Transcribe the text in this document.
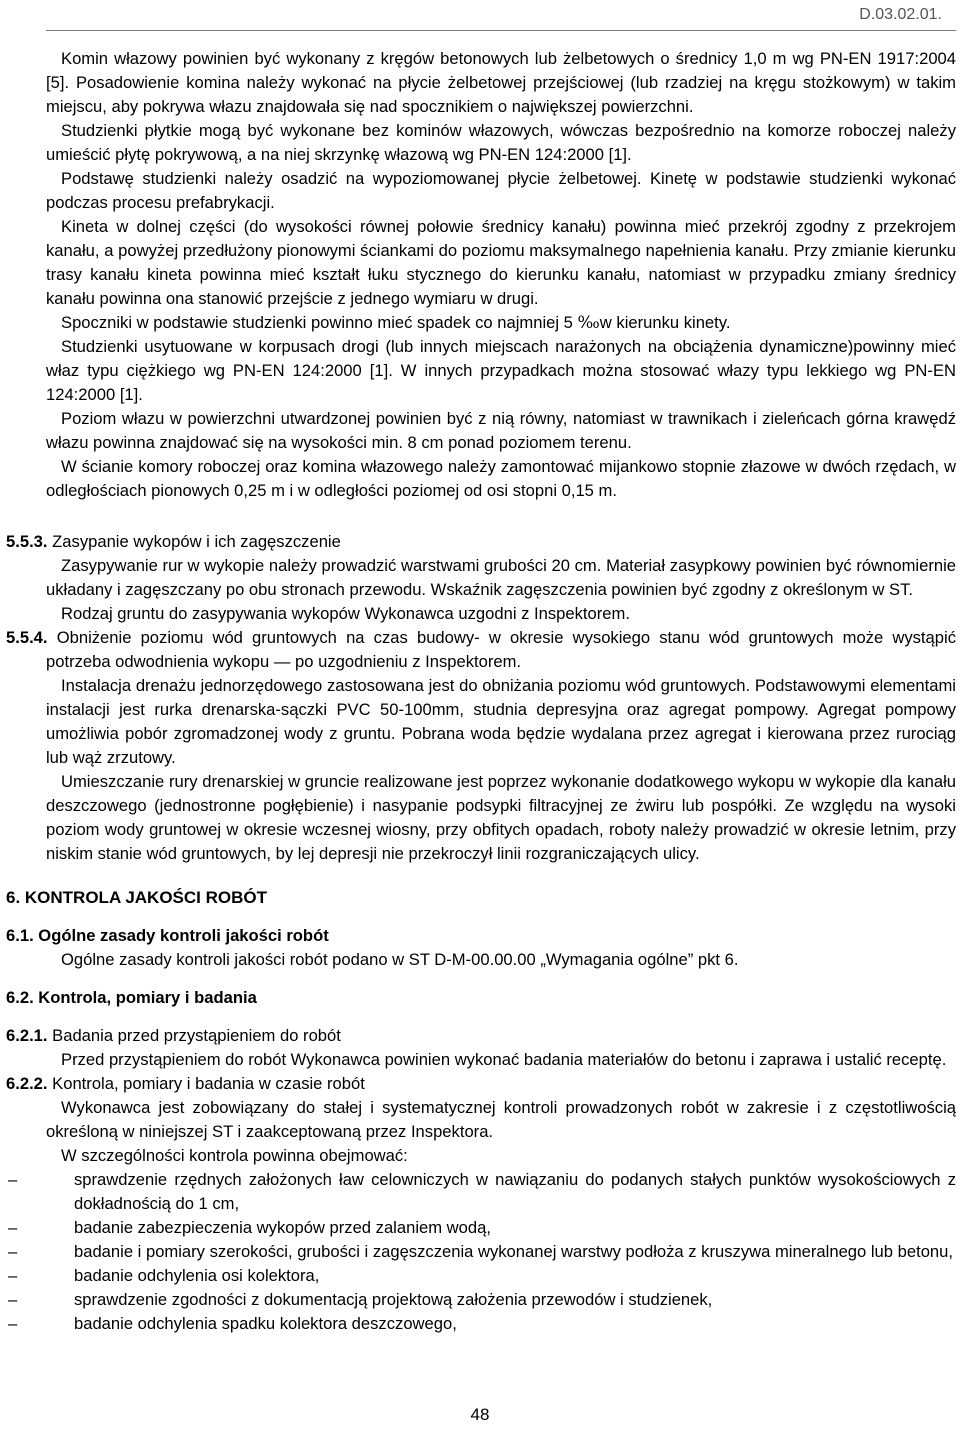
D.03.02.01.

Komin włazowy powinien być wykonany z kręgów betonowych lub żelbetowych o średnicy 1,0 m wg PN-EN 1917:2004 [5]. Posadowienie komina należy wykonać na płycie żelbetowej przejściowej (lub rzadziej na kręgu stożkowym) w takim miejscu, aby pokrywa włazu znajdowała się nad spocznikiem o największej powierzchni.

Studzienki płytkie mogą być wykonane bez kominów włazowych, wówczas bezpośrednio na komorze roboczej należy umieścić płytę pokrywową, a na niej skrzynkę włazową wg PN-EN 124:2000 [1].

Podstawę studzienki należy osadzić na wypoziomowanej płycie żelbetowej. Kinetę w podstawie studzienki wykonać podczas procesu prefabrykacji.

Kineta w dolnej części (do wysokości równej połowie średnicy kanału) powinna mieć przekrój zgodny z przekrojem kanału, a powyżej przedłużony pionowymi ściankami do poziomu maksymalnego napełnienia kanału. Przy zmianie kierunku trasy kanału kineta powinna mieć kształt łuku stycznego do kierunku kanału, natomiast w przypadku zmiany średnicy kanału powinna ona stanowić przejście z jednego wymiaru w drugi.

Spoczniki w podstawie studzienki powinno mieć spadek co najmniej 5 ‰w kierunku kinety.

Studzienki usytuowane w korpusach drogi (lub innych miejscach narażonych na obciążenia dynamiczne)powinny mieć właz typu ciężkiego wg PN-EN 124:2000 [1]. W innych przypadkach można stosować włazy typu lekkiego wg PN-EN 124:2000 [1].

Poziom włazu w powierzchni utwardzonej powinien być z nią równy, natomiast w trawnikach i zieleńcach górna krawędź włazu powinna znajdować się na wysokości min. 8 cm ponad poziomem terenu.

W ścianie komory roboczej oraz komina włazowego należy zamontować mijankowo stopnie złazowe w dwóch rzędach, w odległościach pionowych 0,25 m i w odległości poziomej od osi stopni 0,15 m.

5.5.3. Zasypanie wykopów i ich zagęszczenie
Zasypywanie rur w wykopie należy prowadzić warstwami grubości 20 cm. Materiał zasypkowy powinien być równomiernie układany i zagęszczany po obu stronach przewodu. Wskaźnik zagęszczenia powinien być zgodny z określonym w ST.
Rodzaj gruntu do zasypywania wykopów Wykonawca uzgodni z Inspektorem.
5.5.4. Obniżenie poziomu wód gruntowych na czas budowy- w okresie wysokiego stanu wód gruntowych może wystąpić potrzeba odwodnienia wykopu — po uzgodnieniu z Inspektorem.
Instalacja drenażu jednorzędowego zastosowana jest do obniżania poziomu wód gruntowych. Podstawowymi elementami instalacji jest rurka drenarska-sączki PVC 50-100mm, studnia depresyjna oraz agregat pompowy. Agregat pompowy umożliwia pobór zgromadzonej wody z gruntu. Pobrana woda będzie wydalana przez agregat i kierowana przez rurociąg lub wąż zrzutowy.
Umieszczanie rury drenarskiej w gruncie realizowane jest poprzez wykonanie dodatkowego wykopu w wykopie dla kanału deszczowego (jednostronne pogłębienie) i nasypanie podsypki filtracyjnej ze żwiru lub pospółki. Ze względu na wysoki poziom wody gruntowej w okresie wczesnej wiosny, przy obfitych opadach, roboty należy prowadzić w okresie letnim, przy niskim stanie wód gruntowych, by lej depresji nie przekroczył linii rozgraniczających ulicy.
6. KONTROLA JAKOŚCI ROBÓT
6.1. Ogólne zasady kontroli jakości robót
Ogólne zasady kontroli jakości robót podano w ST D-M-00.00.00 „Wymagania ogólne” pkt 6.
6.2. Kontrola, pomiary i badania
6.2.1. Badania przed przystąpieniem do robót
Przed przystąpieniem do robót Wykonawca powinien wykonać badania materiałów do betonu i zaprawa i ustalić receptę.
6.2.2. Kontrola, pomiary i badania w czasie robót
Wykonawca jest zobowiązany do stałej i systematycznej kontroli prowadzonych robót w zakresie i z częstotliwością określoną w niniejszej ST i zaakceptowaną przez Inspektora.
W szczególności kontrola powinna obejmować:
–	sprawdzenie rzędnych założonych ław celowniczych w nawiązaniu do podanych stałych punktów wysokościowych z dokładnością do 1 cm,
–	badanie zabezpieczenia wykopów przed zalaniem wodą,
–	badanie i pomiary szerokości, grubości i zagęszczenia wykonanej warstwy podłoża z kruszywa mineralnego lub betonu,
–	badanie odchylenia osi kolektora,
–	sprawdzenie zgodności z dokumentacją projektową założenia przewodów i studzienek,
–	badanie odchylenia spadku kolektora deszczowego,
48
